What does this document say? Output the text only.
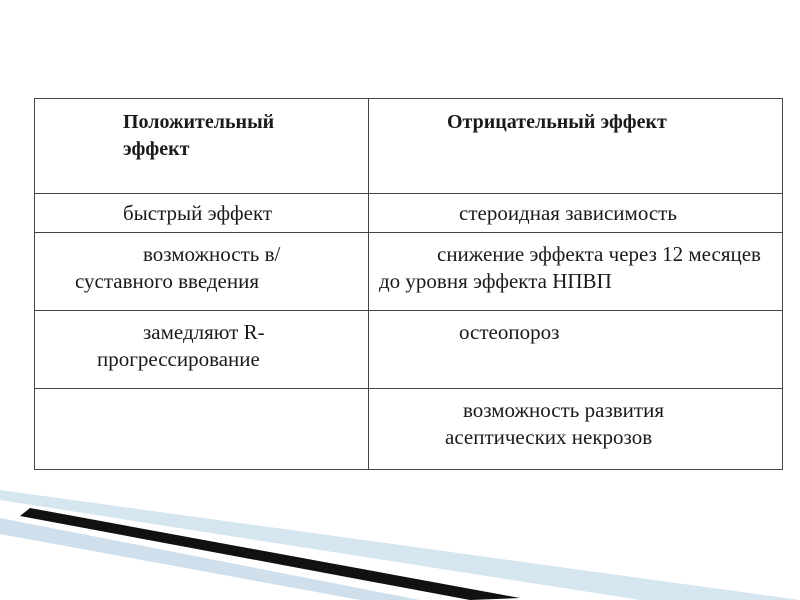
Положительный эффект	Отрицательный эффект

быстрый эффект	стероидная зависимость

возможность в/суставного введения	снижение эффекта через 12 месяцев до уровня эффекта НПВП

замедляют R-прогрессирование	остеопороз

	возможность развития асептических некрозов
